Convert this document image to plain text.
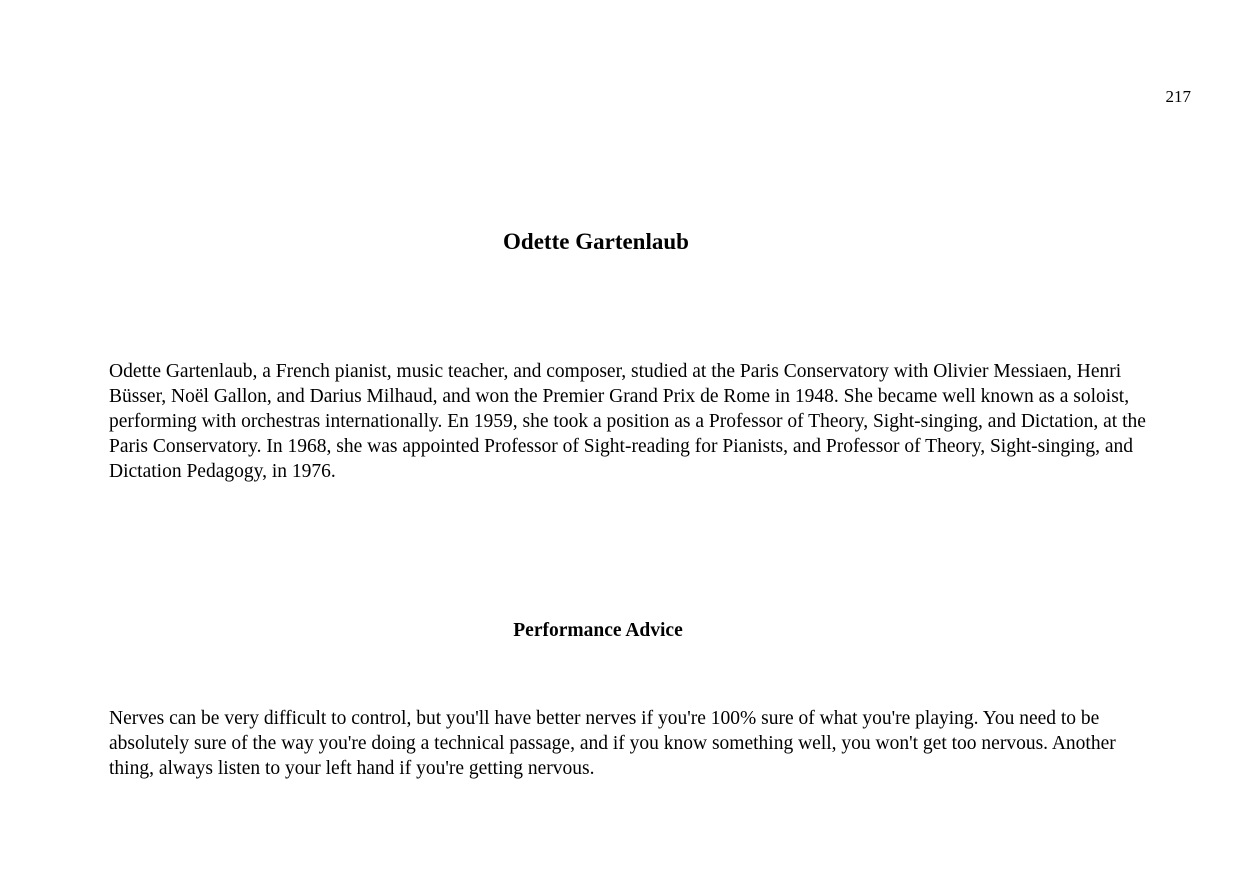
217
Odette Gartenlaub

Odette Gartenlaub, a French pianist, music teacher, and composer, studied at the Paris Conservatory with Olivier Messiaen, Henri Büsser, Noël Gallon, and Darius Milhaud, and won the Premier Grand Prix de Rome in 1948. She became well known as a soloist, performing with orchestras internationally. En 1959, she took a position as a Professor of Theory, Sight-singing, and Dictation, at the Paris Conservatory. In 1968, she was appointed Professor of Sight-reading for Pianists, and Professor of Theory, Sight-singing, and Dictation Pedagogy, in 1976.

Performance Advice

Nerves can be very difficult to control, but you'll have better nerves if you're 100% sure of what you're playing. You need to be absolutely sure of the way you're doing a technical passage, and if you know something well, you won't get too nervous. Another thing, always listen to your left hand if you're getting nervous.
